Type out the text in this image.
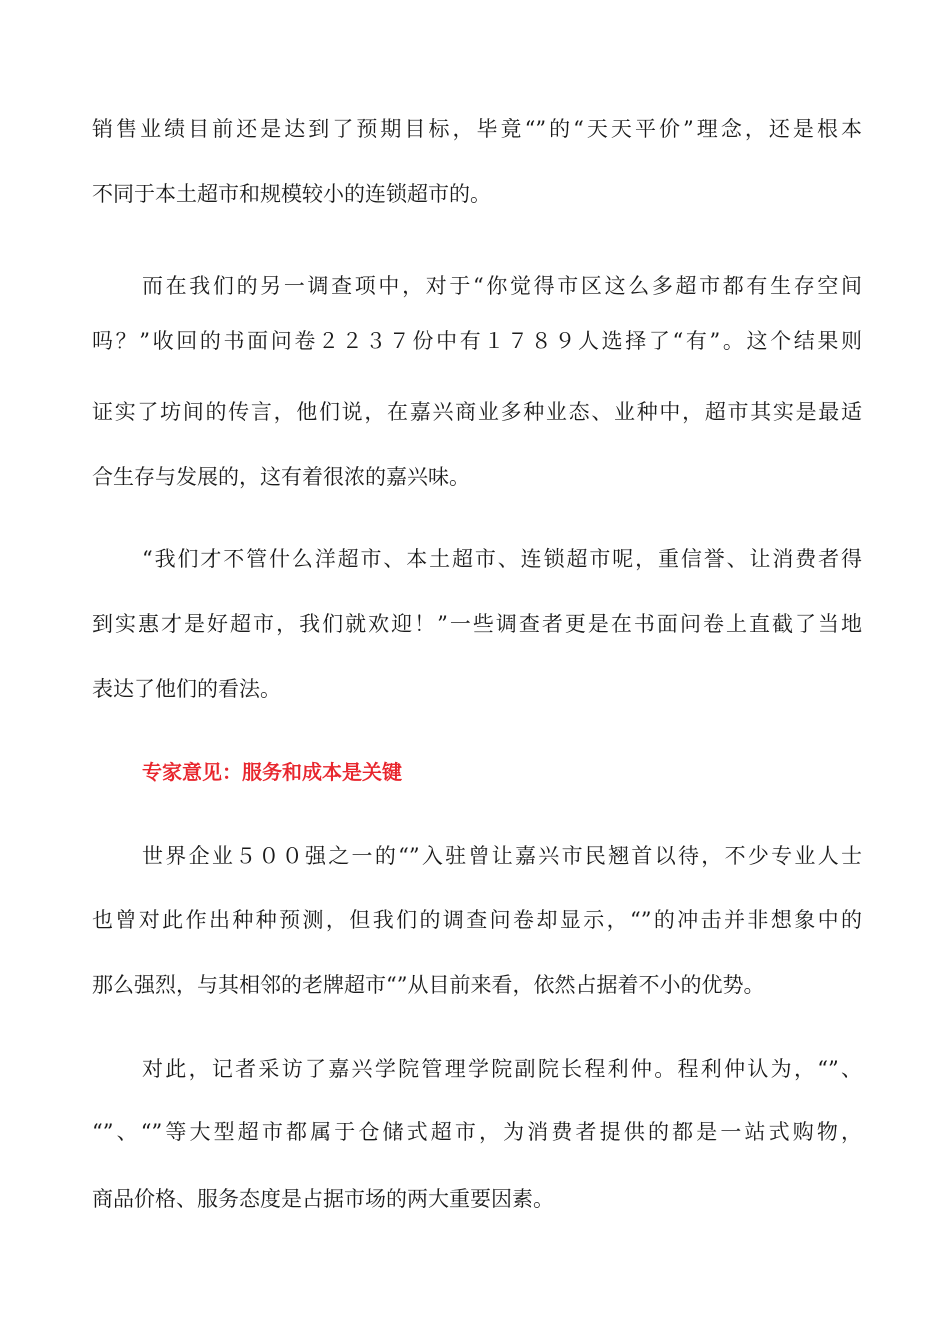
销售业绩目前还是达到了预期目标，毕竟“”的“天天平价”理念，还是根本
不同于本土超市和规模较小的连锁超市的。
而在我们的另一调查项中，对于“你觉得市区这么多超市都有生存空间
吗？”收回的书面问卷２２３７份中有１７８９人选择了“有”。这个结果则
证实了坊间的传言，他们说，在嘉兴商业多种业态、业种中，超市其实是最适
合生存与发展的，这有着很浓的嘉兴味。
“我们才不管什么洋超市、本土超市、连锁超市呢，重信誉、让消费者得
到实惠才是好超市，我们就欢迎！”一些调查者更是在书面问卷上直截了当地
表达了他们的看法。
专家意见：服务和成本是关键
世界企业５００强之一的“”入驻曾让嘉兴市民翘首以待，不少专业人士
也曾对此作出种种预测，但我们的调查问卷却显示，“”的冲击并非想象中的
那么强烈，与其相邻的老牌超市“”从目前来看，依然占据着不小的优势。
对此，记者采访了嘉兴学院管理学院副院长程利仲。程利仲认为，“”、
“”、“”等大型超市都属于仓储式超市，为消费者提供的都是一站式购物，
商品价格、服务态度是占据市场的两大重要因素。
